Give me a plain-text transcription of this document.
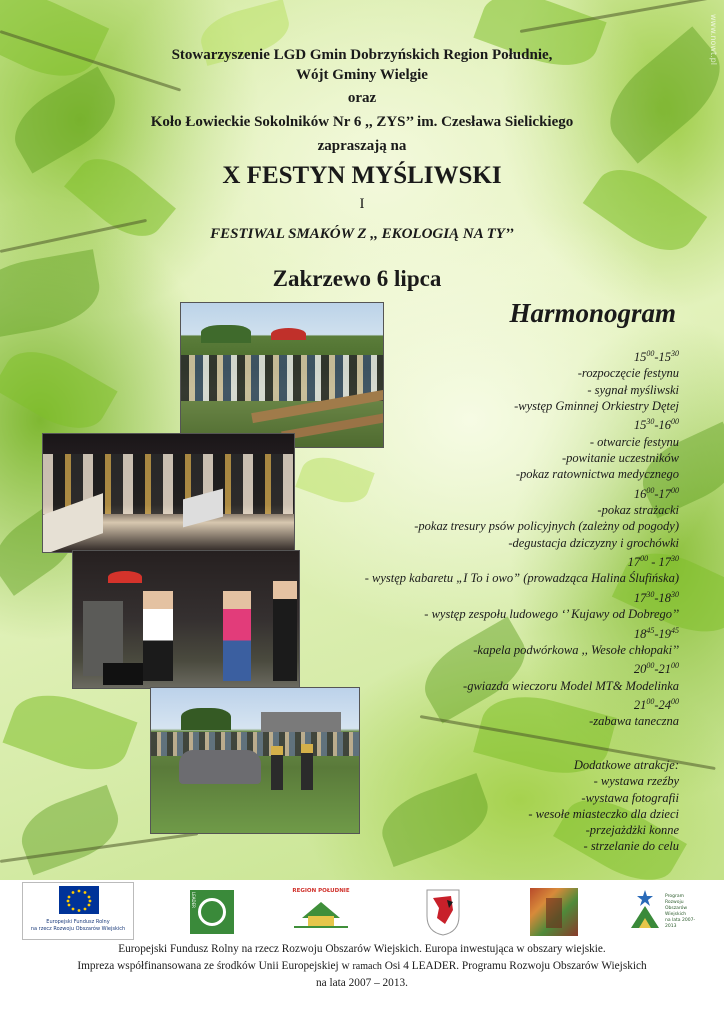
www.nowt.pl
Stowarzyszenie LGD Gmin Dobrzyńskich Region Południe,
Wójt Gminy Wielgie
oraz
Koło Łowieckie Sokolników Nr 6 ,, ZYS’’ im. Czesława Sielickiego
zapraszają na
X FESTYN MYŚLIWSKI
I
FESTIWAL SMAKÓW Z ,, EKOLOGIĄ NA TY’’
Zakrzewo 6 lipca
Harmonogram
$15^{00}-15^{30}$
-rozpoczęcie festynu
- sygnał myśliwski
-występ Gminnej Orkiestry Dętej
$15^{30}-16^{00}$
- otwarcie festynu
-powitanie uczestników
-pokaz ratownictwa medycznego
$16^{00}-17^{00}$
-pokaz strażacki
-pokaz tresury psów policyjnych (zależny od pogody)
-degustacja dziczyzny i grochówki
$17^{00} - 17^{30}$
- występ kabaretu „I To i owo” (prowadząca Halina Ślufińska)
$17^{30}-18^{30}$
- występ zespołu ludowego ‘’ Kujawy od Dobrego’’
$18^{45}-19^{45}$
-kapela podwórkowa ,, Wesołe chłopaki’’
$20^{00}-21^{00}$
-gwiazda wieczoru Model MT& Modelinka
$21^{00}-24^{00}$
-zabawa taneczna
Dodatkowe atrakcje:
- wystawa rzeźby
-wystawa fotografii
- wesołe miasteczko dla dzieci
-przejażdżki konne
- strzelanie do celu
Europejski Fundusz Rolny
na rzecz Rozwoju Obszarów Wiejskich
LEADER
REGION POŁUDNIE
Program
Rozwoju
Obszarów
Wiejskich
na lata 2007-2013
Europejski Fundusz Rolny na rzecz Rozwoju Obszarów Wiejskich. Europa inwestująca w obszary wiejskie.
Impreza współfinansowana ze środków Unii Europejskiej w ramach Osi 4 LEADER. Programu Rozwoju Obszarów Wiejskich
na lata 2007 – 2013.
